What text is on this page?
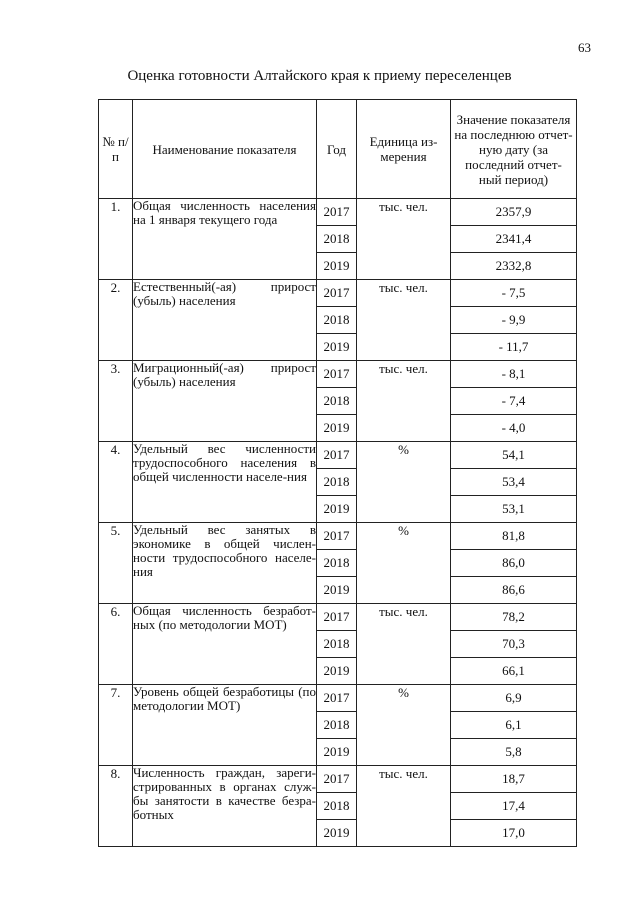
63
Оценка готовности Алтайского края к приему переселенцев
№ п/п	Наименование показателя	Год	Единица из-мерения	Значение показателя на последнюю отчет-ную дату (за последний отчет-ный период)
1.	Общая численность населения на 1 января текущего года	2017	тыс. чел.	2357,9
		2018		2341,4
		2019		2332,8
2.	Естественный(-ая) прирост (убыль) населения	2017	тыс. чел.	- 7,5
		2018		- 9,9
		2019		- 11,7
3.	Миграционный(-ая) прирост (убыль) населения	2017	тыс. чел.	- 8,1
		2018		- 7,4
		2019		- 4,0
4.	Удельный вес численности трудоспособного населения в общей численности населе-ния	2017	%	54,1
		2018		53,4
		2019		53,1
5.	Удельный вес занятых в экономике в общей числен-ности трудоспособного населе-ния	2017	%	81,8
		2018		86,0
		2019		86,6
6.	Общая численность безработ-ных (по методологии МОТ)	2017	тыс. чел.	78,2
		2018		70,3
		2019		66,1
7.	Уровень общей безработицы (по методологии МОТ)	2017	%	6,9
		2018		6,1
		2019		5,8
8.	Численность граждан, зареги-стрированных в органах служ-бы занятости в качестве безра-ботных	2017	тыс. чел.	18,7
		2018		17,4
		2019		17,0
